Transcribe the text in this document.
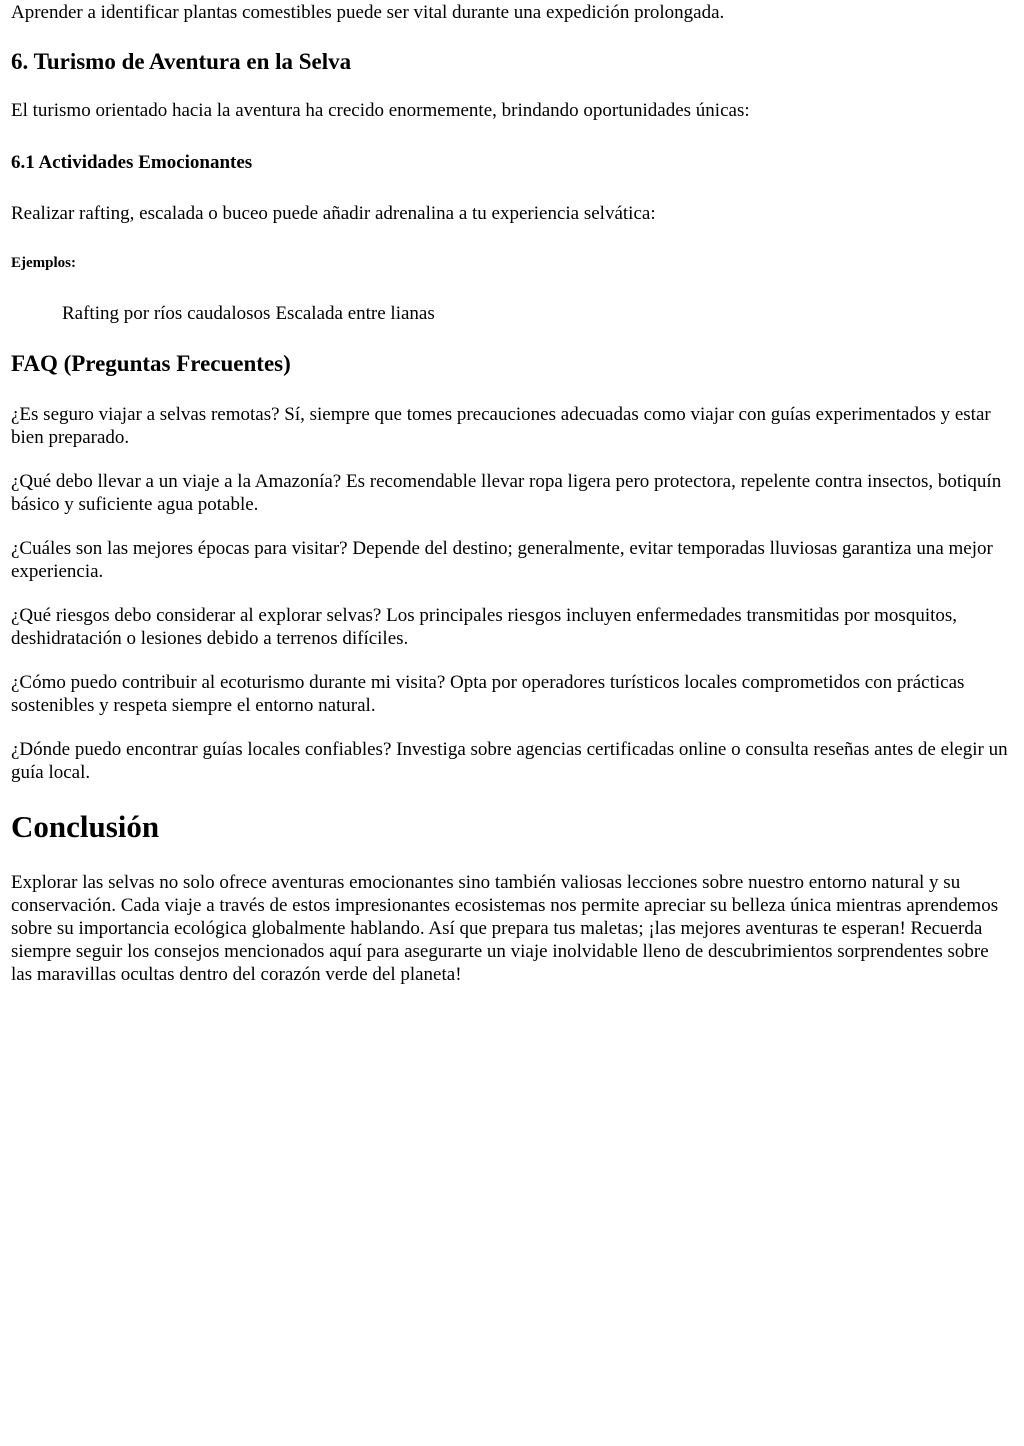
Aprender a identificar plantas comestibles puede ser vital durante una expedición prolongada.

6. Turismo de Aventura en la Selva

El turismo orientado hacia la aventura ha crecido enormemente, brindando oportunidades únicas:

6.1 Actividades Emocionantes

Realizar rafting, escalada o buceo puede añadir adrenalina a tu experiencia selvática:

Ejemplos:
Rafting por ríos caudalosos Escalada entre lianas
FAQ (Preguntas Frecuentes)

¿Es seguro viajar a selvas remotas? Sí, siempre que tomes precauciones adecuadas como viajar con guías experimentados y estar bien preparado.

¿Qué debo llevar a un viaje a la Amazonía? Es recomendable llevar ropa ligera pero protectora, repelente contra insectos, botiquín básico y suficiente agua potable.

¿Cuáles son las mejores épocas para visitar? Depende del destino; generalmente, evitar temporadas lluviosas garantiza una mejor experiencia.

¿Qué riesgos debo considerar al explorar selvas? Los principales riesgos incluyen enfermedades transmitidas por mosquitos, deshidratación o lesiones debido a terrenos difíciles.

¿Cómo puedo contribuir al ecoturismo durante mi visita? Opta por operadores turísticos locales comprometidos con prácticas sostenibles y respeta siempre el entorno natural.

¿Dónde puedo encontrar guías locales confiables? Investiga sobre agencias certificadas online o consulta reseñas antes de elegir un guía local.

Conclusión

Explorar las selvas no solo ofrece aventuras emocionantes sino también valiosas lecciones sobre nuestro entorno natural y su conservación. Cada viaje a través de estos impresionantes ecosistemas nos permite apreciar su belleza única mientras aprendemos sobre su importancia ecológica globalmente hablando. Así que prepara tus maletas; ¡las mejores aventuras te esperan! Recuerda siempre seguir los consejos mencionados aquí para asegurarte un viaje inolvidable lleno de descubrimientos sorprendentes sobre las maravillas ocultas dentro del corazón verde del planeta!
